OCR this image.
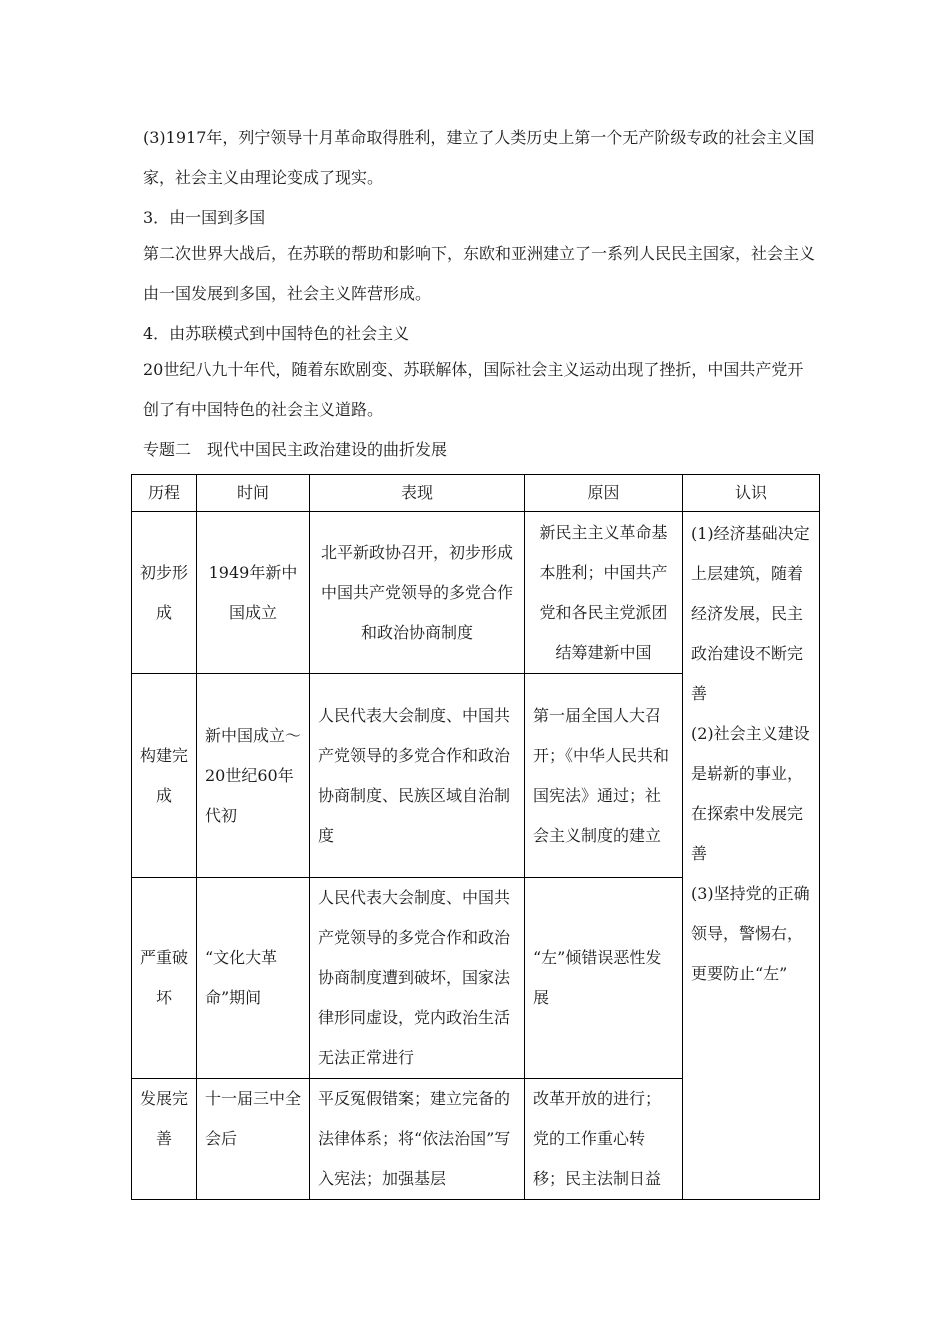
(3)1917年，列宁领导十月革命取得胜利，建立了人类历史上第一个无产阶级专政的社会主义国家，社会主义由理论变成了现实。

3．由一国到多国

第二次世界大战后，在苏联的帮助和影响下，东欧和亚洲建立了一系列人民民主国家，社会主义由一国发展到多国，社会主义阵营形成。

4．由苏联模式到中国特色的社会主义

20世纪八九十年代，随着东欧剧变、苏联解体，国际社会主义运动出现了挫折，中国共产党开创了有中国特色的社会主义道路。

专题二　现代中国民主政治建设的曲折发展

历程	时间	表现	原因	认识
初步形成	1949年新中国成立	北平新政协召开，初步形成中国共产党领导的多党合作和政治协商制度	新民主主义革命基本胜利；中国共产党和各民主党派团结筹建新中国	(1)经济基础决定上层建筑，随着经济发展，民主政治建设不断完善
(2)社会主义建设是崭新的事业，在探索中发展完善
(3)坚持党的正确领导，警惕右，更要防止“左”

构建完成	新中国成立～20世纪60年代初	人民代表大会制度、中国共产党领导的多党合作和政治协商制度、民族区域自治制度	第一届全国人大召开；《中华人民共和国宪法》通过；社会主义制度的建立	
严重破坏	“文化大革命”期间	人民代表大会制度、中国共产党领导的多党合作和政治协商制度遭到破坏，国家法律形同虚设，党内政治生活无法正常进行	“左”倾错误恶性发展	
发展完善	十一届三中全会后	平反冤假错案；建立完备的法律体系；将“依法治国”写入宪法；加强基层	改革开放的进行；党的工作重心转移；民主法制日益	
